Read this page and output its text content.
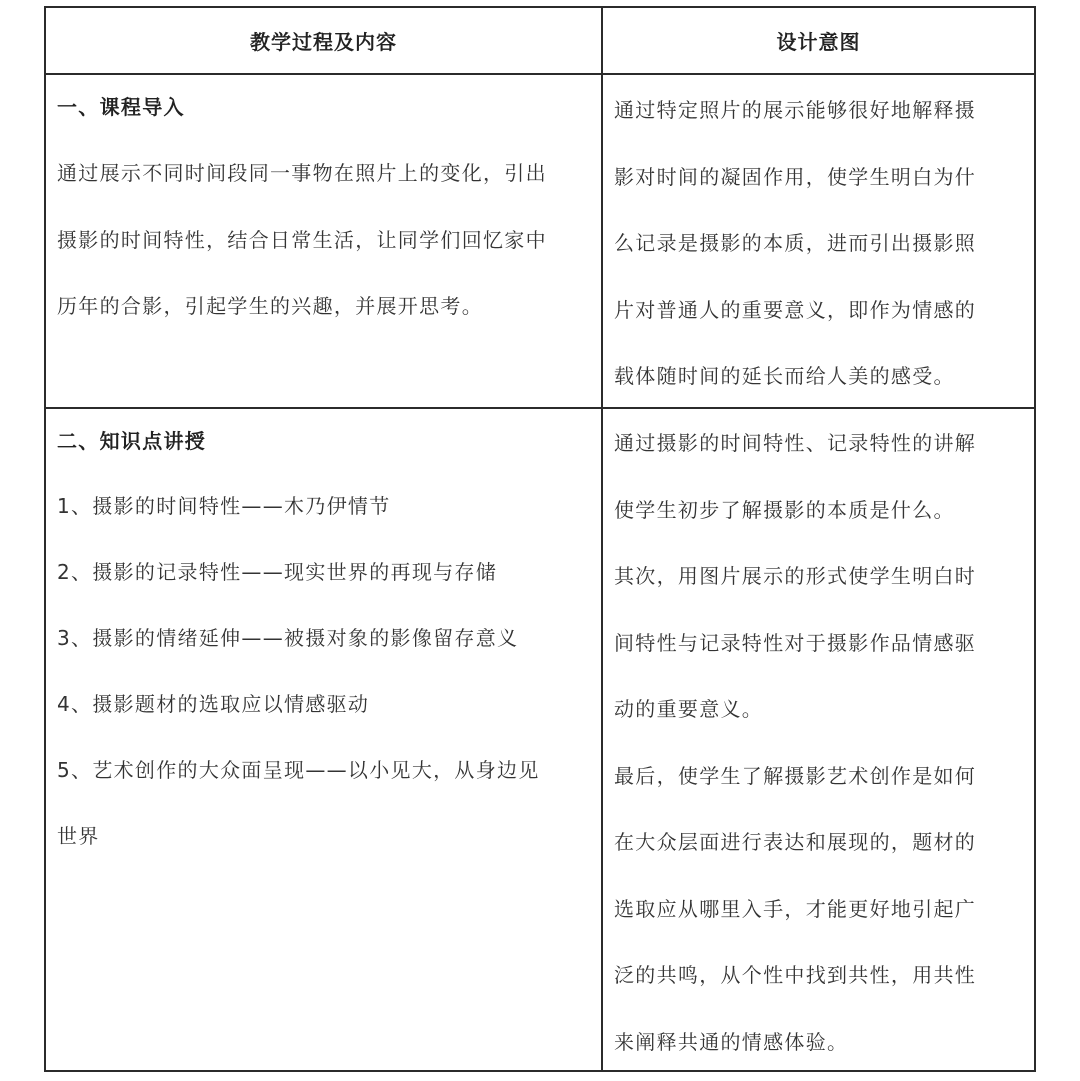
教学过程及内容	设计意图
一、课程导入
通过展示不同时间段同一事物在照片上的变化，引出
摄影的时间特性，结合日常生活，让同学们回忆家中
历年的合影，引起学生的兴趣，并展开思考。
通过特定照片的展示能够很好地解释摄
影对时间的凝固作用，使学生明白为什
么记录是摄影的本质，进而引出摄影照
片对普通人的重要意义，即作为情感的
载体随时间的延长而给人美的感受。
二、知识点讲授
1、摄影的时间特性——木乃伊情节
2、摄影的记录特性——现实世界的再现与存储
3、摄影的情绪延伸——被摄对象的影像留存意义
4、摄影题材的选取应以情感驱动
5、艺术创作的大众面呈现——以小见大，从身边见
世界
通过摄影的时间特性、记录特性的讲解
使学生初步了解摄影的本质是什么。
其次，用图片展示的形式使学生明白时
间特性与记录特性对于摄影作品情感驱
动的重要意义。
最后，使学生了解摄影艺术创作是如何
在大众层面进行表达和展现的，题材的
选取应从哪里入手，才能更好地引起广
泛的共鸣，从个性中找到共性，用共性
来阐释共通的情感体验。
